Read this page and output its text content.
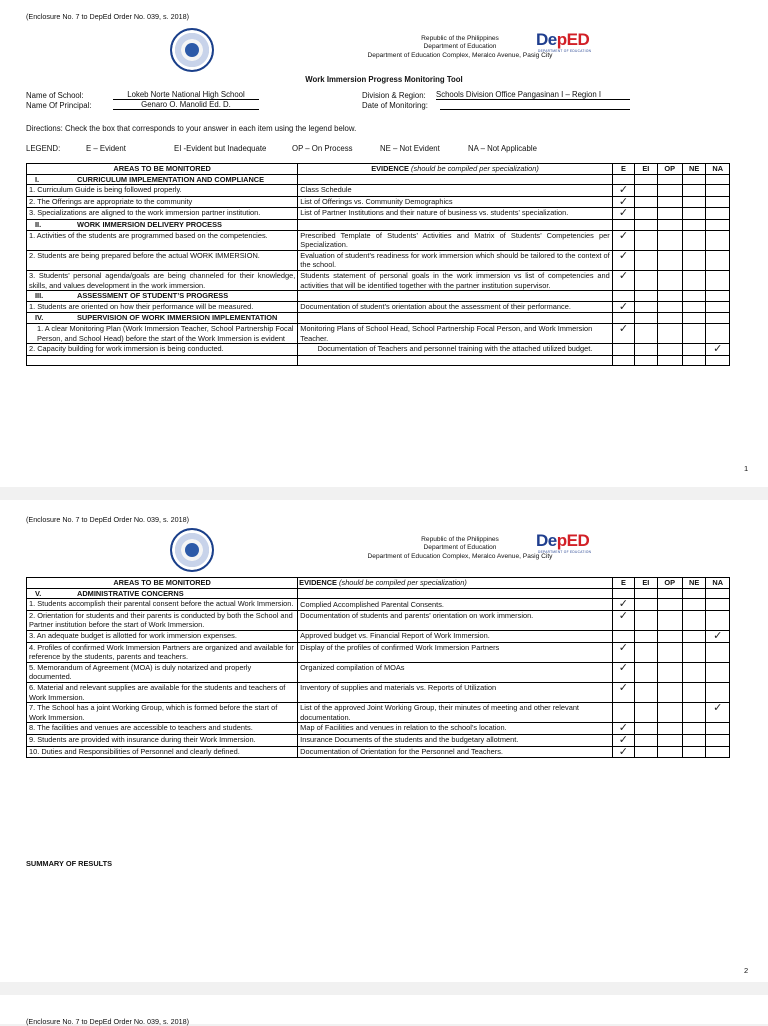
(Enclosure No. 7 to DepEd Order No. 039, s. 2018)
Republic of the Philippines
Department of Education
Department of Education Complex, Meralco Avenue, Pasig City
DepED
DEPARTMENT OF EDUCATION
Work Immersion Progress Monitoring Tool
Name of School:	Lokeb Norte National High School
Name Of Principal:	Genaro O. Manolid Ed. D.
Division & Region: Schools Division Office Pangasinan I – Region I
Date of Monitoring:
Directions: Check the box that corresponds to your answer in each item using the legend below.
LEGEND:	E – Evident	EI -Evident but Inadequate	OP – On Process	NE – Not Evident	NA – Not Applicable
AREAS TO BE MONITORED	EVIDENCE (should be compiled per specialization)	E	EI	OP	NE	NA
I. CURRICULUM IMPLEMENTATION AND COMPLIANCE						
1. Curriculum Guide is being followed properly.	Class Schedule	✓				
2. The Offerings are appropriate to the community	List of Offerings vs. Community Demographics	✓				
3. Specializations are aligned to the work immersion partner institution.	List of Partner Institutions and their nature of business vs. students’ specialization.	✓				
II. WORK IMMERSION DELIVERY PROCESS						
1. Activities of the students are programmed based on the competencies.	Prescribed Template of Students’ Activities and Matrix of Students’ Competencies per Specialization.	✓				
2. Students are being prepared before the actual WORK IMMERSION.	Evaluation of student’s readiness for work immersion which should be tailored to the context of the school.	✓				
3. Students’ personal agenda/goals are being channeled for their knowledge, skills, and values development in the work immersion.	Students statement of personal goals in the work immersion vs list of competencies and activities that will be identified together with the partner institution supervisor.	✓				
III. ASSESSMENT OF STUDENT’S PROGRESS						
1. Students are oriented on how their performance will be measured.	Documentation of student’s orientation about the assessment of their performance.	✓				
IV. SUPERVISION OF WORK IMMERSION IMPLEMENTATION						
1. A clear Monitoring Plan (Work Immersion Teacher, School Partnership Focal Person, and School Head) before the start of the Work Immersion is evident	Monitoring Plans of School Head, School Partnership Focal Person, and Work Immersion Teacher.	✓				
2. Capacity building for work immersion is being conducted.	Documentation of Teachers and personnel training with the attached utilized budget.					✓

1
(Enclosure No. 7 to DepEd Order No. 039, s. 2018)
Republic of the Philippines
Department of Education
Department of Education Complex, Meralco Avenue, Pasig City
DepED
DEPARTMENT OF EDUCATION
AREAS TO BE MONITORED	EVIDENCE (should be compiled per specialization)	E	EI	OP	NE	NA
V. ADMINISTRATIVE CONCERNS						
1. Students accomplish their parental consent before the actual Work Immersion.	Complied Accomplished Parental Consents.	✓				
2. Orientation for students and their parents is conducted by both the School and Partner institution before the start of Work Immersion.	Documentation of students and parents’ orientation on work immersion.	✓				
3. An adequate budget is allotted for work immersion expenses.	Approved budget vs. Financial Report of Work Immersion.					✓
4. Profiles of confirmed Work Immersion Partners are organized and available for reference by the students, parents and teachers.	Display of the profiles of confirmed Work Immersion Partners	✓				
5. Memorandum of Agreement (MOA) is duly notarized and properly documented.	Organized compilation of MOAs	✓				
6. Material and relevant supplies are available for the students and teachers of Work Immersion.	Inventory of supplies and materials vs. Reports of Utilization	✓				
7. The School has a joint Working Group, which is formed before the start of Work Immersion.	List of the approved Joint Working Group, their minutes of meeting and other relevant documentation.					✓
8. The facilities and venues are accessible to teachers and students.	Map of Facilities and venues in relation to the school’s location.	✓				
9. Students are provided with insurance during their Work Immersion.	Insurance Documents of the students and the budgetary allotment.	✓				
10. Duties and Responsibilities of Personnel and clearly defined.	Documentation of Orientation for the Personnel and Teachers.	✓				
SUMMARY OF RESULTS
2
(Enclosure No. 7 to DepEd Order No. 039, s. 2018)
